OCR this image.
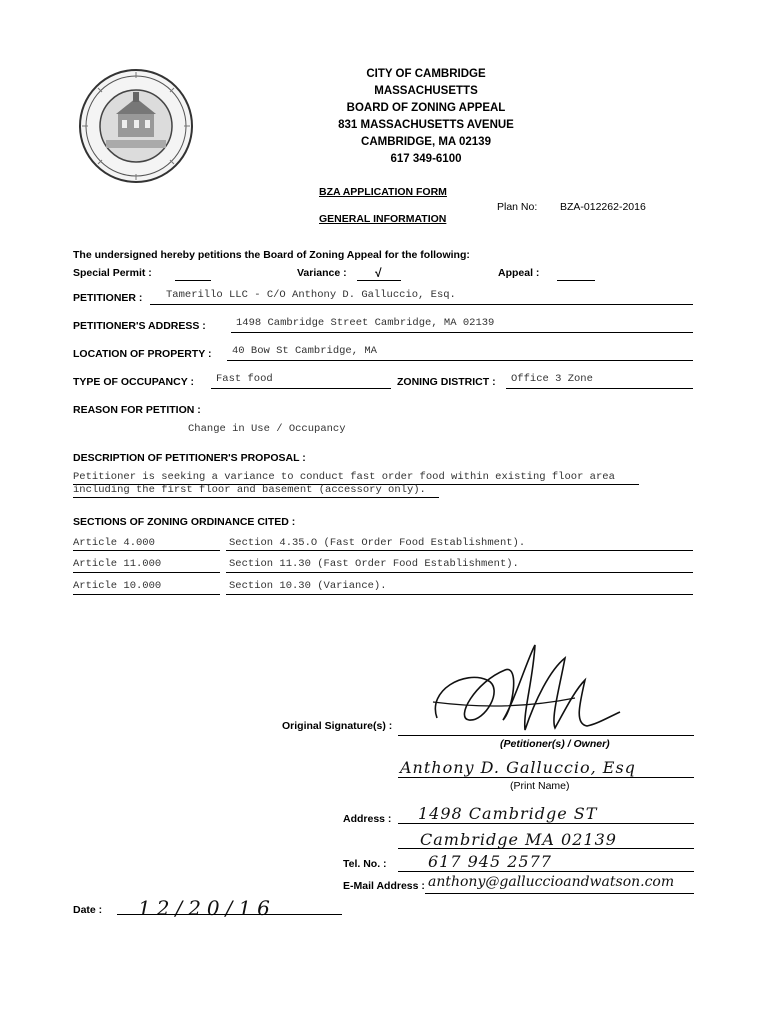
CITY OF CAMBRIDGE
MASSACHUSETTS
BOARD OF ZONING APPEAL
831 MASSACHUSETTS AVENUE
CAMBRIDGE, MA 02139
617 349-6100
BZA APPLICATION FORM
GENERAL INFORMATION
Plan No: BZA-012262-2016
The undersigned hereby petitions the Board of Zoning Appeal for the following:
Special Permit :	Variance : √	Appeal :
PETITIONER : Tamerillo LLC - C/O Anthony D. Galluccio, Esq.
PETITIONER'S ADDRESS :	1498 Cambridge Street Cambridge, MA 02139
LOCATION OF PROPERTY : 40 Bow St Cambridge, MA
TYPE OF OCCUPANCY : Fast food	ZONING DISTRICT : Office 3 Zone
REASON FOR PETITION :
Change in Use / Occupancy
DESCRIPTION OF PETITIONER'S PROPOSAL :
Petitioner is seeking a variance to conduct fast order food within existing floor area
including the first floor and basement (accessory only).
SECTIONS OF ZONING ORDINANCE CITED :
Article 4.000	Section 4.35.O (Fast Order Food Establishment).
Article 11.000	Section 11.30 (Fast Order Food Establishment).
Article 10.000	Section 10.30 (Variance).
Original Signature(s) :
(Petitioner(s) / Owner)
Anthony D. Galluccio, Esq
(Print Name)
Address : 1498 Cambridge ST
Cambridge MA 02139
Tel. No. :	617 945 2577
E-Mail Address : anthony@galluccioandwatson.com
Date : 12/20/16
